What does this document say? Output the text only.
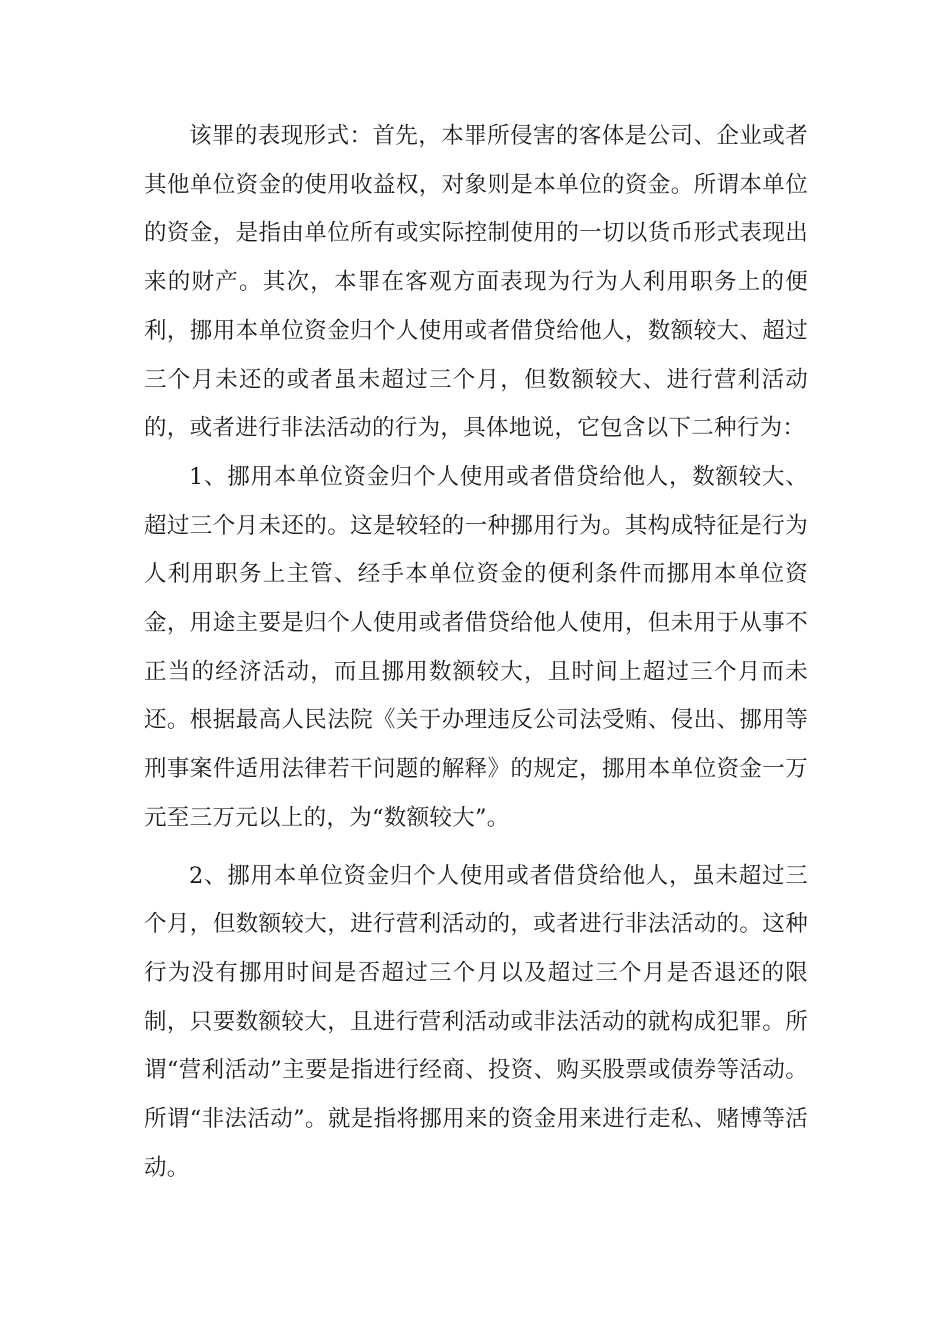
该罪的表现形式：首先，本罪所侵害的客体是公司、企业或者其他单位资金的使用收益权，对象则是本单位的资金。所谓本单位的资金，是指由单位所有或实际控制使用的一切以货币形式表现出来的财产。其次，本罪在客观方面表现为行为人利用职务上的便利，挪用本单位资金归个人使用或者借贷给他人，数额较大、超过三个月未还的或者虽未超过三个月，但数额较大、进行营利活动的，或者进行非法活动的行为，具体地说，它包含以下二种行为：

1、挪用本单位资金归个人使用或者借贷给他人，数额较大、超过三个月未还的。这是较轻的一种挪用行为。其构成特征是行为人利用职务上主管、经手本单位资金的便利条件而挪用本单位资金，用途主要是归个人使用或者借贷给他人使用，但未用于从事不正当的经济活动，而且挪用数额较大，且时间上超过三个月而未还。根据最高人民法院《关于办理违反公司法受贿、侵出、挪用等刑事案件适用法律若干问题的解释》的规定，挪用本单位资金一万元至三万元以上的，为“数额较大”。

2、挪用本单位资金归个人使用或者借贷给他人，虽未超过三个月，但数额较大，进行营利活动的，或者进行非法活动的。这种行为没有挪用时间是否超过三个月以及超过三个月是否退还的限制，只要数额较大，且进行营利活动或非法活动的就构成犯罪。所谓“营利活动”主要是指进行经商、投资、购买股票或债券等活动。所谓“非法活动”。就是指将挪用来的资金用来进行走私、赌博等活动。
